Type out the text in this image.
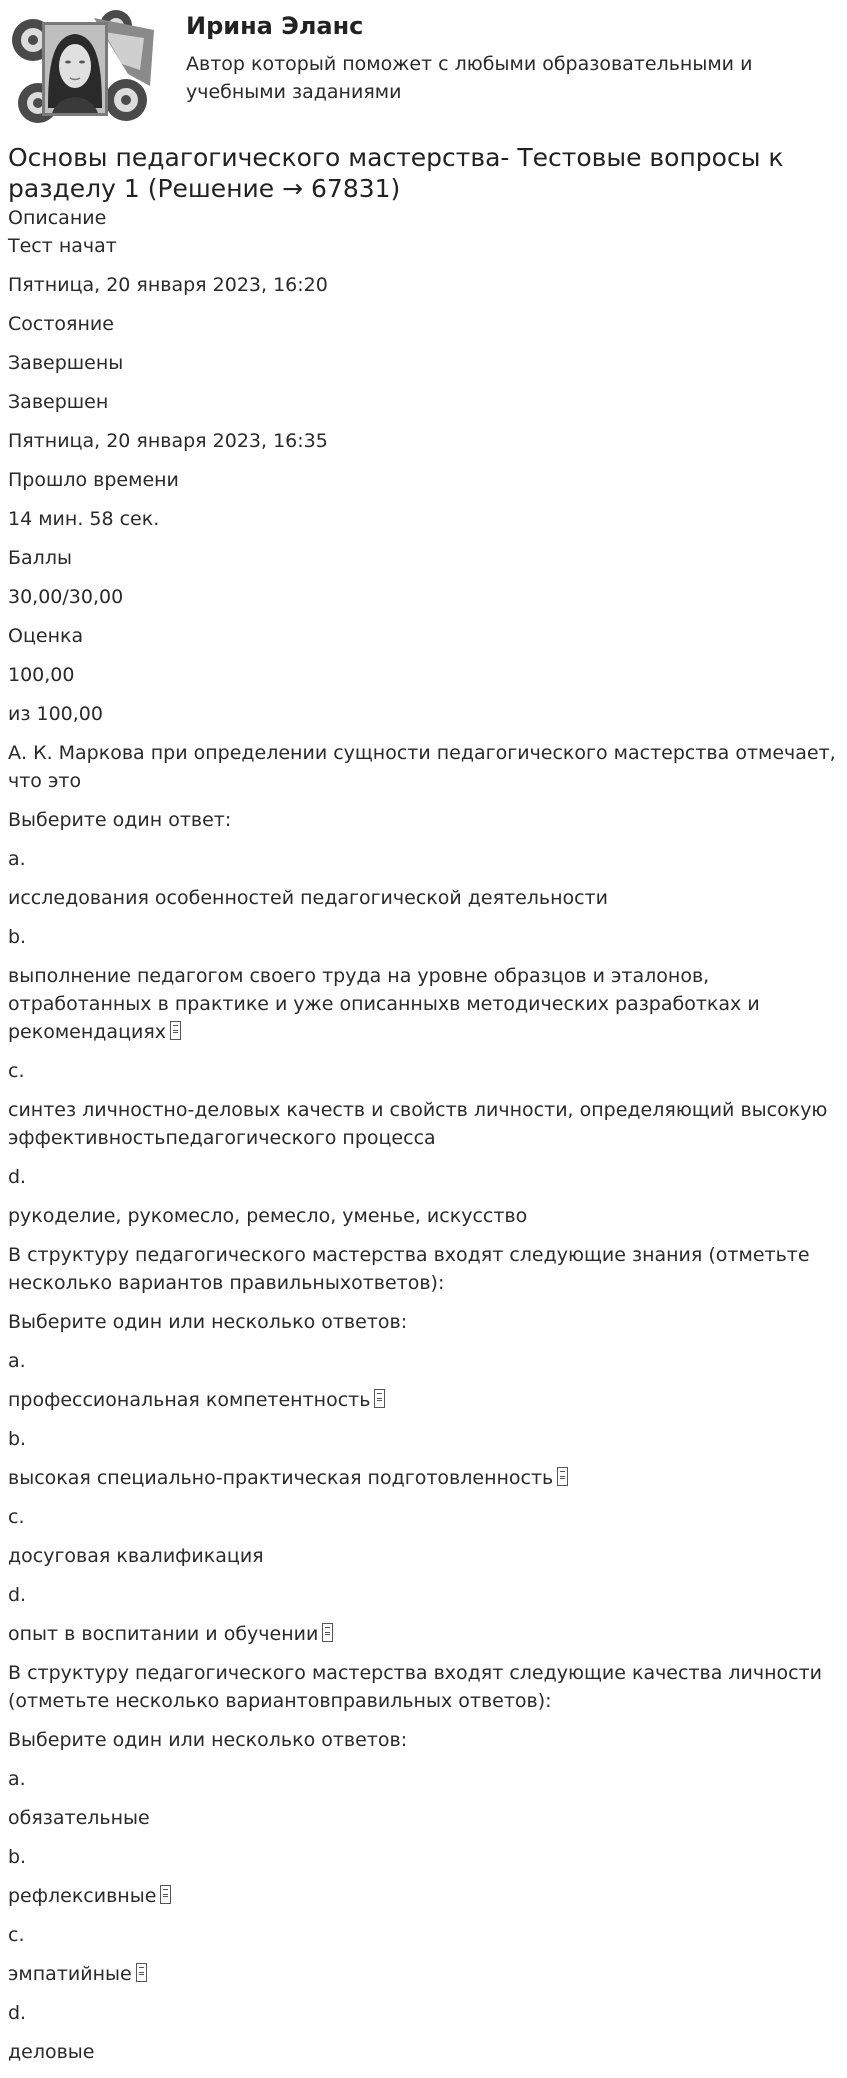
Ирина Эланс
Автор который поможет с любыми образовательными и учебными заданиями
Основы педагогического мастерства- Тестовые вопросы к разделу 1 (Решение → 67831)
Описание
Тест начат
Пятница, 20 января 2023, 16:20
Состояние
Завершены
Завершен
Пятница, 20 января 2023, 16:35
Прошло времени
14 мин. 58 сек.
Баллы
30,00/30,00
Оценка
100,00
из 100,00
А. К. Маркова при определении сущности педагогического мастерства отмечает, что это
Выберите один ответ:
a.
исследования особенностей педагогической деятельности
b.
выполнение педагогом своего труда на уровне образцов и эталонов, отработанных в практике и уже описанныхв методических разработках и рекомендациях
c.
синтез личностно-деловых качеств и свойств личности, определяющий высокую эффективностьпедагогического процесса
d.
рукоделие, рукомесло, ремесло, уменье, искусство
В структуру педагогического мастерства входят следующие знания (отметьте несколько вариантов правильныхответов):
Выберите один или несколько ответов:
a.
профессиональная компетентность
b.
высокая специально-практическая подготовленность
c.
досуговая квалификация
d.
опыт в воспитании и обучении
В структуру педагогического мастерства входят следующие качества личности (отметьте несколько вариантовправильных ответов):
Выберите один или несколько ответов:
a.
обязательные
b.
рефлексивные
c.
эмпатийные
d.
деловые
